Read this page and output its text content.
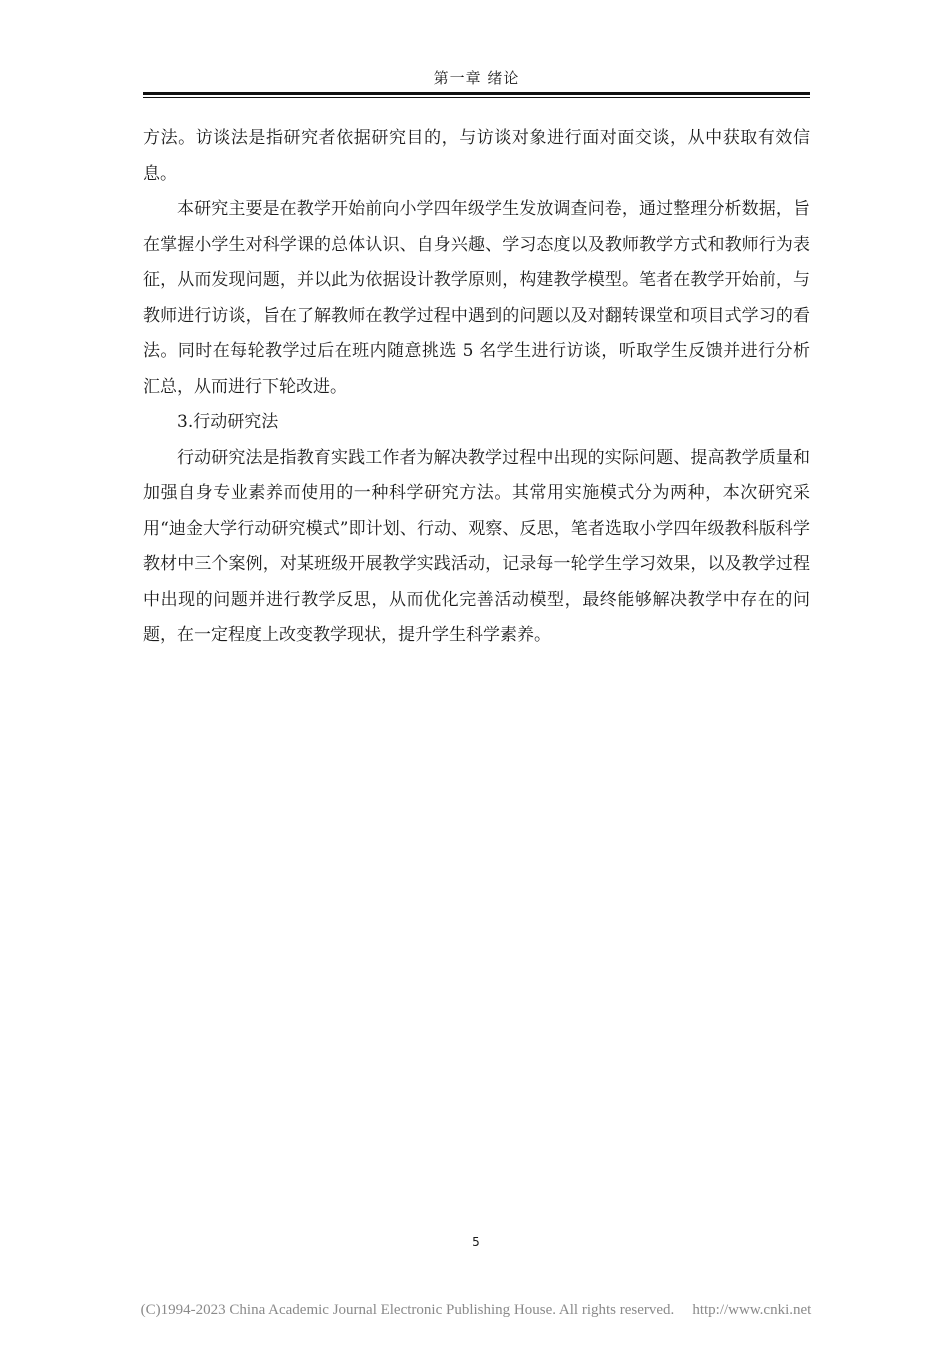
第一章 绪论

方法。访谈法是指研究者依据研究目的，与访谈对象进行面对面交谈，从中获取有效信息。

本研究主要是在教学开始前向小学四年级学生发放调查问卷，通过整理分析数据，旨在掌握小学生对科学课的总体认识、自身兴趣、学习态度以及教师教学方式和教师行为表征，从而发现问题，并以此为依据设计教学原则，构建教学模型。笔者在教学开始前，与教师进行访谈，旨在了解教师在教学过程中遇到的问题以及对翻转课堂和项目式学习的看法。同时在每轮教学过后在班内随意挑选 5 名学生进行访谈，听取学生反馈并进行分析汇总，从而进行下轮改进。

3.行动研究法

行动研究法是指教育实践工作者为解决教学过程中出现的实际问题、提高教学质量和加强自身专业素养而使用的一种科学研究方法。其常用实施模式分为两种，本次研究采用“迪金大学行动研究模式”即计划、行动、观察、反思，笔者选取小学四年级教科版科学教材中三个案例，对某班级开展教学实践活动，记录每一轮学生学习效果，以及教学过程中出现的问题并进行教学反思，从而优化完善活动模型，最终能够解决教学中存在的问题，在一定程度上改变教学现状，提升学生科学素养。

5
(C)1994-2023 China Academic Journal Electronic Publishing House. All rights reserved. http://www.cnki.net
